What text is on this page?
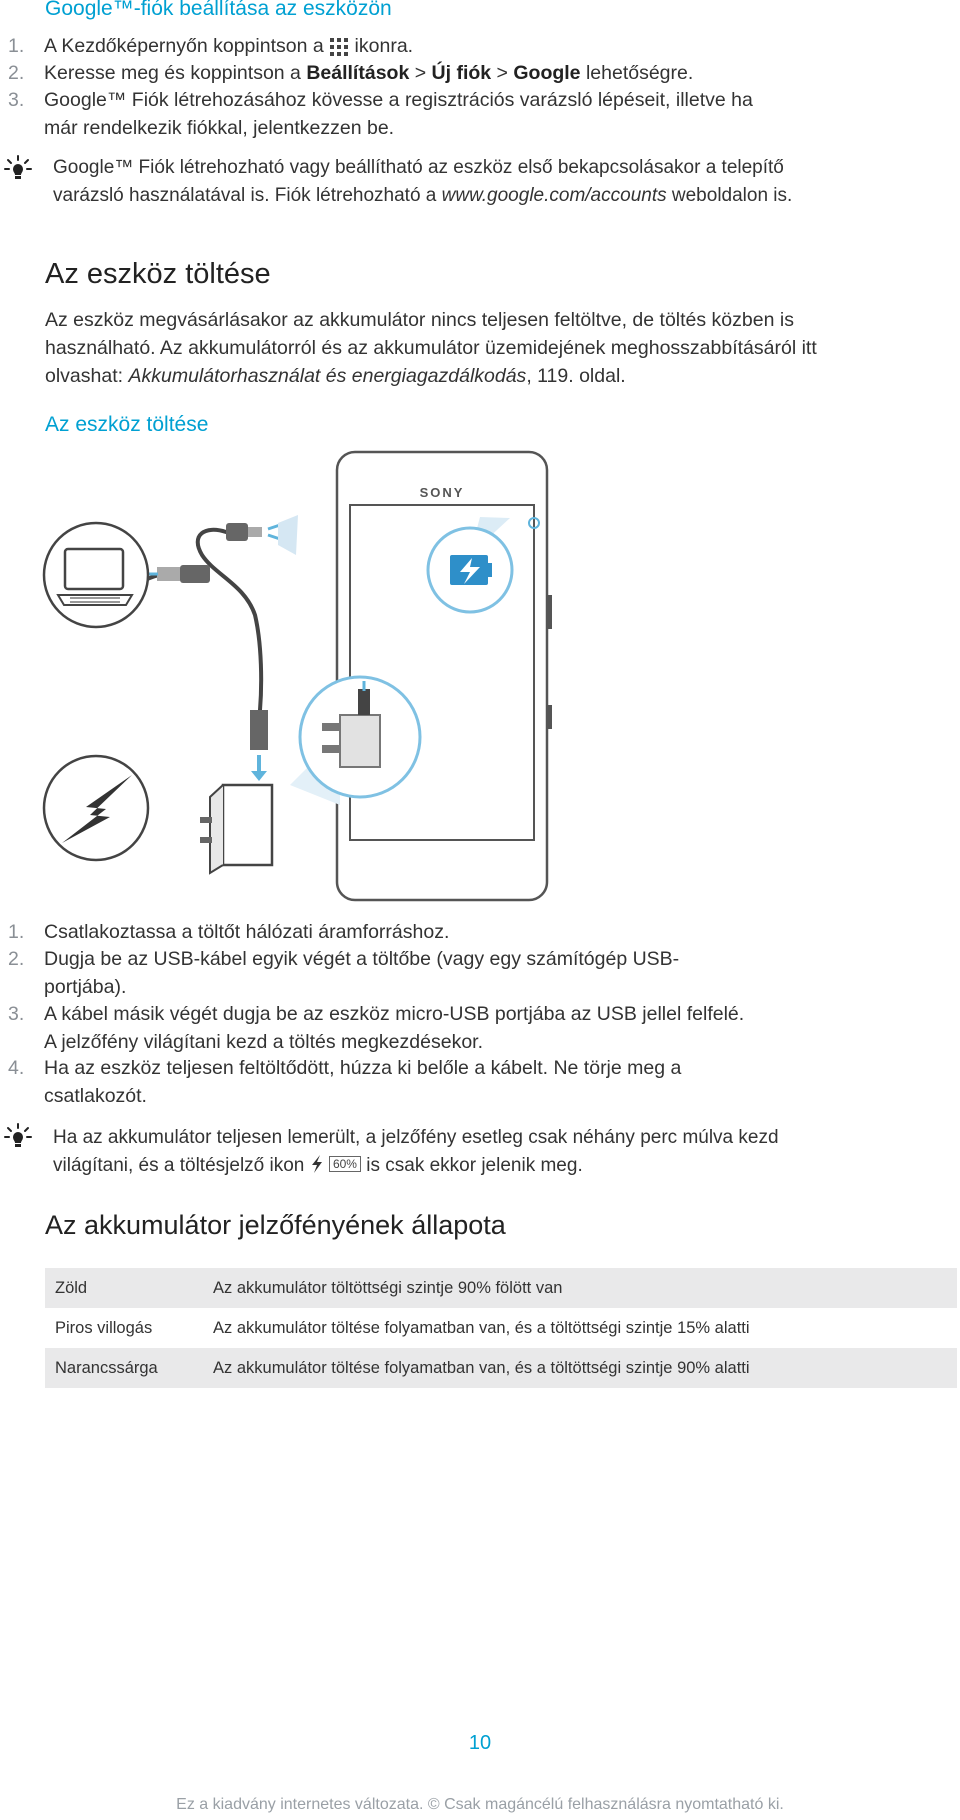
Google™-fiók beállítása az eszközön
1. A Kezdőképernyőn koppintson a ikonra.
2. Keresse meg és koppintson a Beállítások > Új fiók > Google lehetőségre.
3. Google™ Fiók létrehozásához kövesse a regisztrációs varázsló lépéseit, illetve ha
már rendelkezik fiókkal, jelentkezzen be.
Google™ Fiók létrehozható vagy beállítható az eszköz első bekapcsolásakor a telepítő
varázsló használatával is. Fiók létrehozható a www.google.com/accounts weboldalon is.
Az eszköz töltése
Az eszköz megvásárlásakor az akkumulátor nincs teljesen feltöltve, de töltés közben is
használható. Az akkumulátorról és az akkumulátor üzemidejének meghosszabbításáról itt
olvashat: Akkumulátorhasználat és energiagazdálkodás, 119. oldal.
Az eszköz töltése
SONY
1. Csatlakoztassa a töltőt hálózati áramforráshoz.
2. Dugja be az USB-kábel egyik végét a töltőbe (vagy egy számítógép USB-
portjába).
3. A kábel másik végét dugja be az eszköz micro-USB portjába az USB jellel felfelé.
A jelzőfény világítani kezd a töltés megkezdésekor.
4. Ha az eszköz teljesen feltöltődött, húzza ki belőle a kábelt. Ne törje meg a
csatlakozót.
Ha az akkumulátor teljesen lemerült, a jelzőfény esetleg csak néhány perc múlva kezd
világítani, és a töltésjelző ikon 60% is csak ekkor jelenik meg.
Az akkumulátor jelzőfényének állapota
Zöld	Az akkumulátor töltöttségi szintje 90% fölött van
Piros villogás	Az akkumulátor töltése folyamatban van, és a töltöttségi szintje 15% alatti
Narancssárga	Az akkumulátor töltése folyamatban van, és a töltöttségi szintje 90% alatti
10
Ez a kiadvány internetes változata. © Csak magáncélú felhasználásra nyomtatható ki.
